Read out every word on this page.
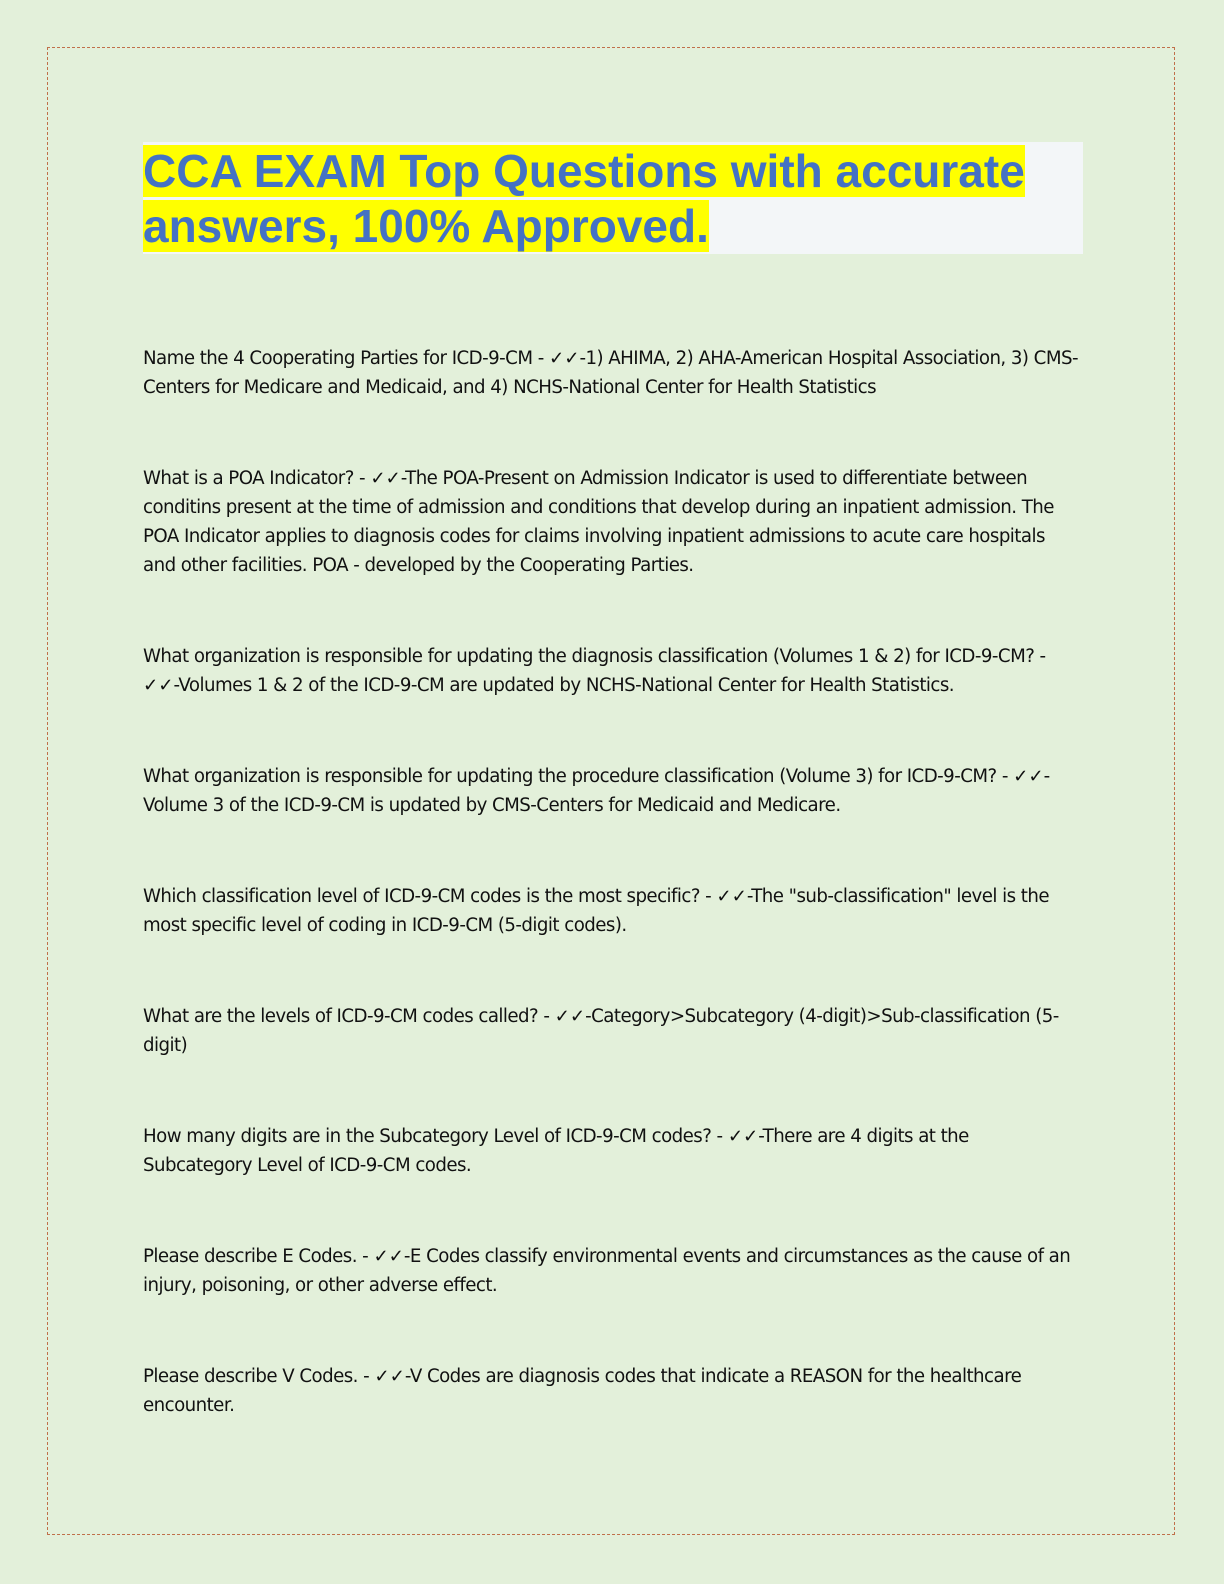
CCA EXAM Top Questions with accurate answers, 100% Approved.

Name the 4 Cooperating Parties for ICD-9-CM - ✓✓-1) AHIMA, 2) AHA-American Hospital Association, 3) CMS-Centers for Medicare and Medicaid, and 4) NCHS-National Center for Health Statistics

What is a POA Indicator? - ✓✓-The POA-Present on Admission Indicator is used to differentiate between conditins present at the time of admission and conditions that develop during an inpatient admission. The POA Indicator applies to diagnosis codes for claims involving inpatient admissions to acute care hospitals and other facilities. POA - developed by the Cooperating Parties.

What organization is responsible for updating the diagnosis classification (Volumes 1 & 2) for ICD-9-CM? - ✓✓-Volumes 1 & 2 of the ICD-9-CM are updated by NCHS-National Center for Health Statistics.

What organization is responsible for updating the procedure classification (Volume 3) for ICD-9-CM? - ✓✓-Volume 3 of the ICD-9-CM is updated by CMS-Centers for Medicaid and Medicare.

Which classification level of ICD-9-CM codes is the most specific? - ✓✓-The "sub-classification" level is the most specific level of coding in ICD-9-CM (5-digit codes).

What are the levels of ICD-9-CM codes called? - ✓✓-Category>Subcategory (4-digit)>Sub-classification (5-digit)

How many digits are in the Subcategory Level of ICD-9-CM codes? - ✓✓-There are 4 digits at the Subcategory Level of ICD-9-CM codes.

Please describe E Codes. - ✓✓-E Codes classify environmental events and circumstances as the cause of an injury, poisoning, or other adverse effect.

Please describe V Codes. - ✓✓-V Codes are diagnosis codes that indicate a REASON for the healthcare encounter.
